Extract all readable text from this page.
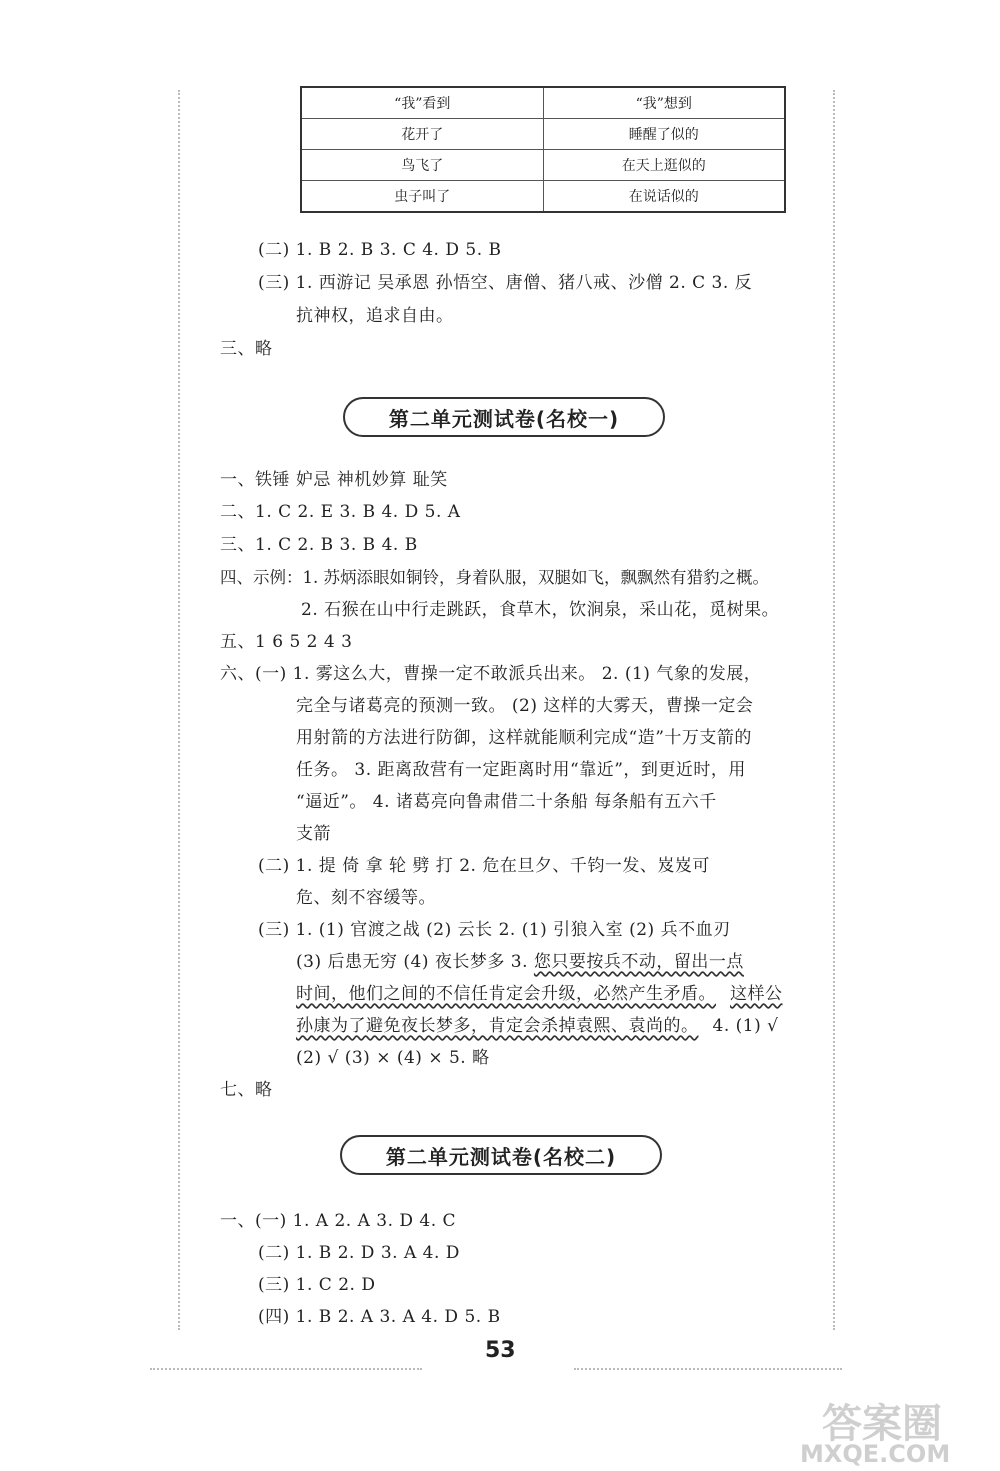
“我”看到	“我”想到
花开了	睡醒了似的
鸟飞了	在天上逛似的
虫子叫了	在说话似的
(二) 1. B 2. B 3. C 4. D 5. B
(三) 1. 西游记 吴承恩 孙悟空、唐僧、猪八戒、沙僧 2. C 3. 反
抗神权，追求自由。
三、略
第二单元测试卷(名校一)
一、铁锤 妒忌 神机妙算 耻笑
二、1. C 2. E 3. B 4. D 5. A
三、1. C 2. B 3. B 4. B
四、示例：1. 苏炳添眼如铜铃，身着队服，双腿如飞，飘飘然有猎豹之概。
2. 石猴在山中行走跳跃，食草木，饮涧泉，采山花，觅树果。
五、1 6 5 2 4 3
六、(一) 1. 雾这么大，曹操一定不敢派兵出来。 2. (1) 气象的发展，
完全与诸葛亮的预测一致。 (2) 这样的大雾天，曹操一定会
用射箭的方法进行防御，这样就能顺利完成“造”十万支箭的
任务。 3. 距离敌营有一定距离时用“靠近”，到更近时，用
“逼近”。 4. 诸葛亮向鲁肃借二十条船 每条船有五六千
支箭
(二) 1. 提 倚 拿 轮 劈 打 2. 危在旦夕、千钧一发、岌岌可
危、刻不容缓等。
(三) 1. (1) 官渡之战 (2) 云长 2. (1) 引狼入室 (2) 兵不血刃
(3) 后患无穷 (4) 夜长梦多 3. 您只要按兵不动，留出一点
时间，他们之间的不信任肯定会升级，必然产生矛盾。 这样公
孙康为了避免夜长梦多，肯定会杀掉袁熙、袁尚的。 4. (1) √
(2) √ (3) × (4) × 5. 略
七、略
第二单元测试卷(名校二)
一、(一) 1. A 2. A 3. D 4. C
(二) 1. B 2. D 3. A 4. D
(三) 1. C 2. D
(四) 1. B 2. A 3. A 4. D 5. B
53
答案圈
MXQE.COM
